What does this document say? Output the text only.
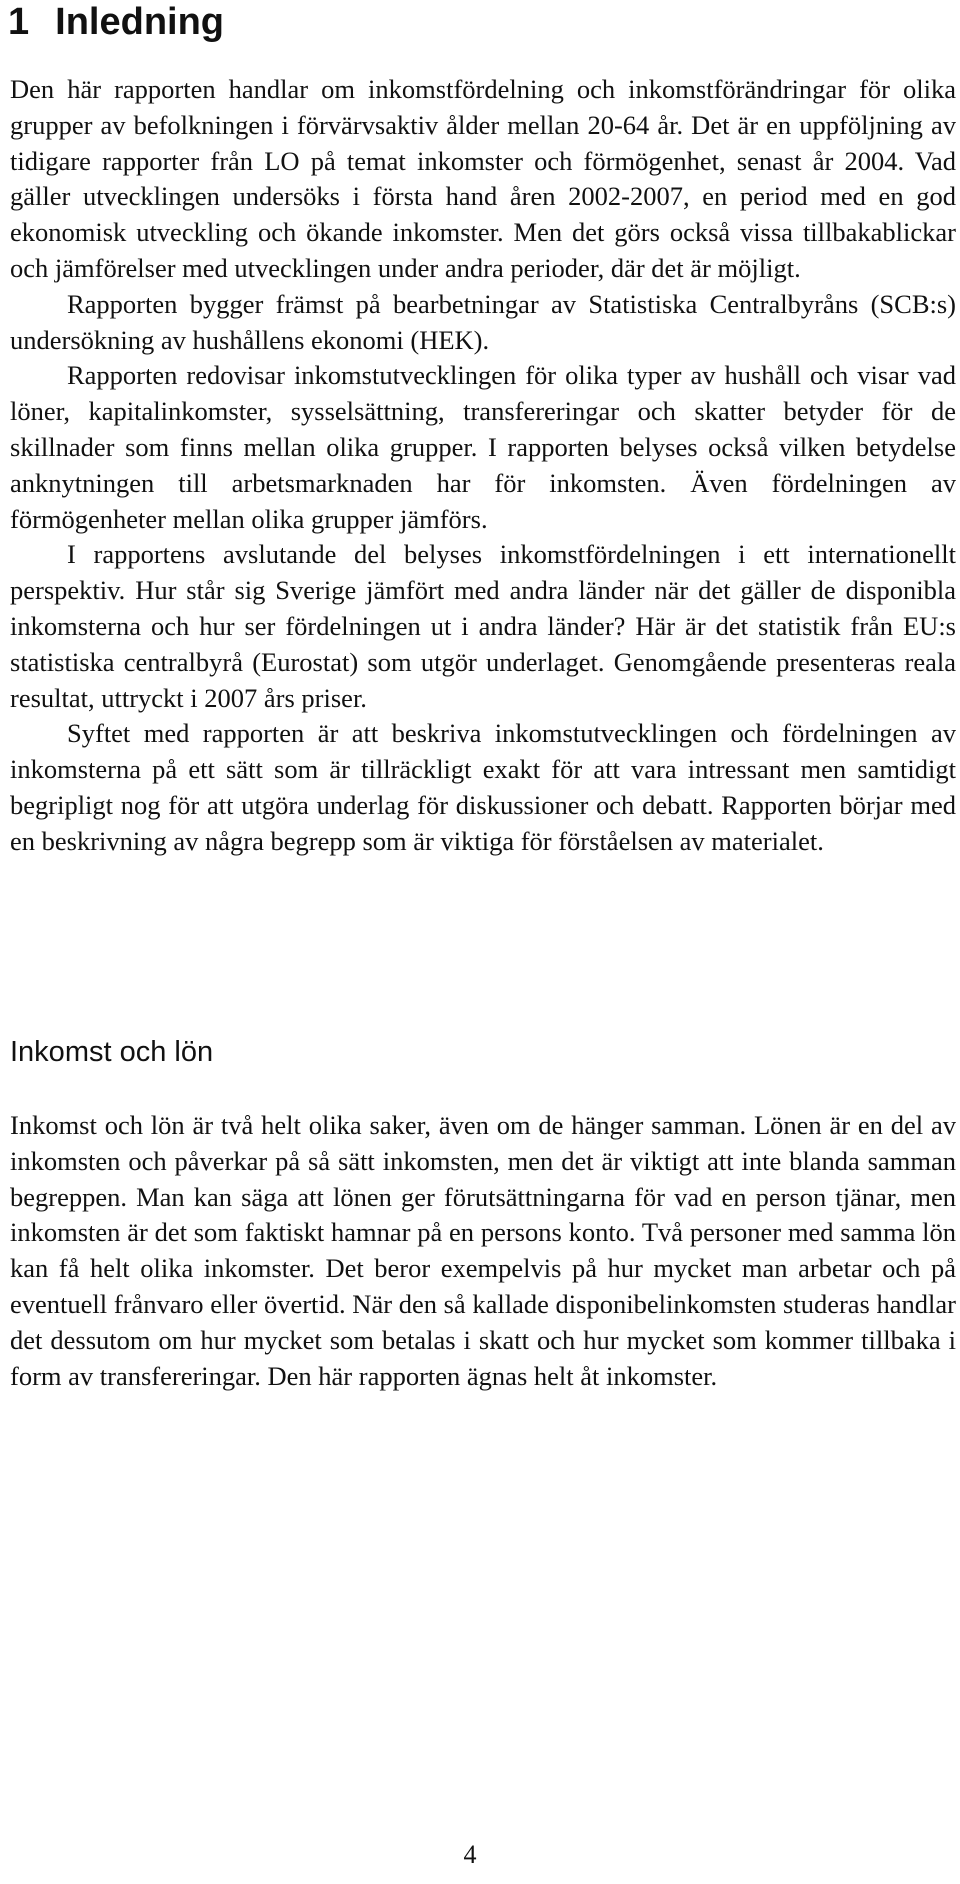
1 Inledning

Den här rapporten handlar om inkomstfördelning och inkomstförändringar för olika grupper av befolkningen i förvärvsaktiv ålder mellan 20-64 år. Det är en uppföljning av tidigare rapporter från LO på temat inkomster och förmögenhet, senast år 2004. Vad gäller utvecklingen undersöks i första hand åren 2002-2007, en period med en god ekonomisk utveckling och ökande inkomster. Men det görs också vissa tillbakablickar och jämförelser med utvecklingen under andra perioder, där det är möjligt.

Rapporten bygger främst på bearbetningar av Statistiska Centralbyråns (SCB:s) undersökning av hushållens ekonomi (HEK).

Rapporten redovisar inkomstutvecklingen för olika typer av hushåll och visar vad löner, kapitalinkomster, sysselsättning, transfereringar och skatter betyder för de skillnader som finns mellan olika grupper. I rapporten belyses också vilken betydelse anknytningen till arbetsmarknaden har för inkomsten. Även fördelningen av förmögenheter mellan olika grupper jämförs.

I rapportens avslutande del belyses inkomstfördelningen i ett internationellt perspektiv. Hur står sig Sverige jämfört med andra länder när det gäller de disponibla inkomsterna och hur ser fördelningen ut i andra länder? Här är det statistik från EU:s statistiska centralbyrå (Eurostat) som utgör underlaget. Genomgående presenteras reala resultat, uttryckt i 2007 års priser.

Syftet med rapporten är att beskriva inkomstutvecklingen och fördelningen av inkomsterna på ett sätt som är tillräckligt exakt för att vara intressant men samtidigt begripligt nog för att utgöra underlag för diskussioner och debatt. Rapporten börjar med en beskrivning av några begrepp som är viktiga för förståelsen av materialet.

Inkomst och lön

Inkomst och lön är två helt olika saker, även om de hänger samman. Lönen är en del av inkomsten och påverkar på så sätt inkomsten, men det är viktigt att inte blanda samman begreppen. Man kan säga att lönen ger förutsättningarna för vad en person tjänar, men inkomsten är det som faktiskt hamnar på en persons konto. Två personer med samma lön kan få helt olika inkomster. Det beror exempelvis på hur mycket man arbetar och på eventuell frånvaro eller övertid. När den så kallade disponibelinkomsten studeras handlar det dessutom om hur mycket som betalas i skatt och hur mycket som kommer tillbaka i form av transfereringar. Den här rapporten ägnas helt åt inkomster.

4
